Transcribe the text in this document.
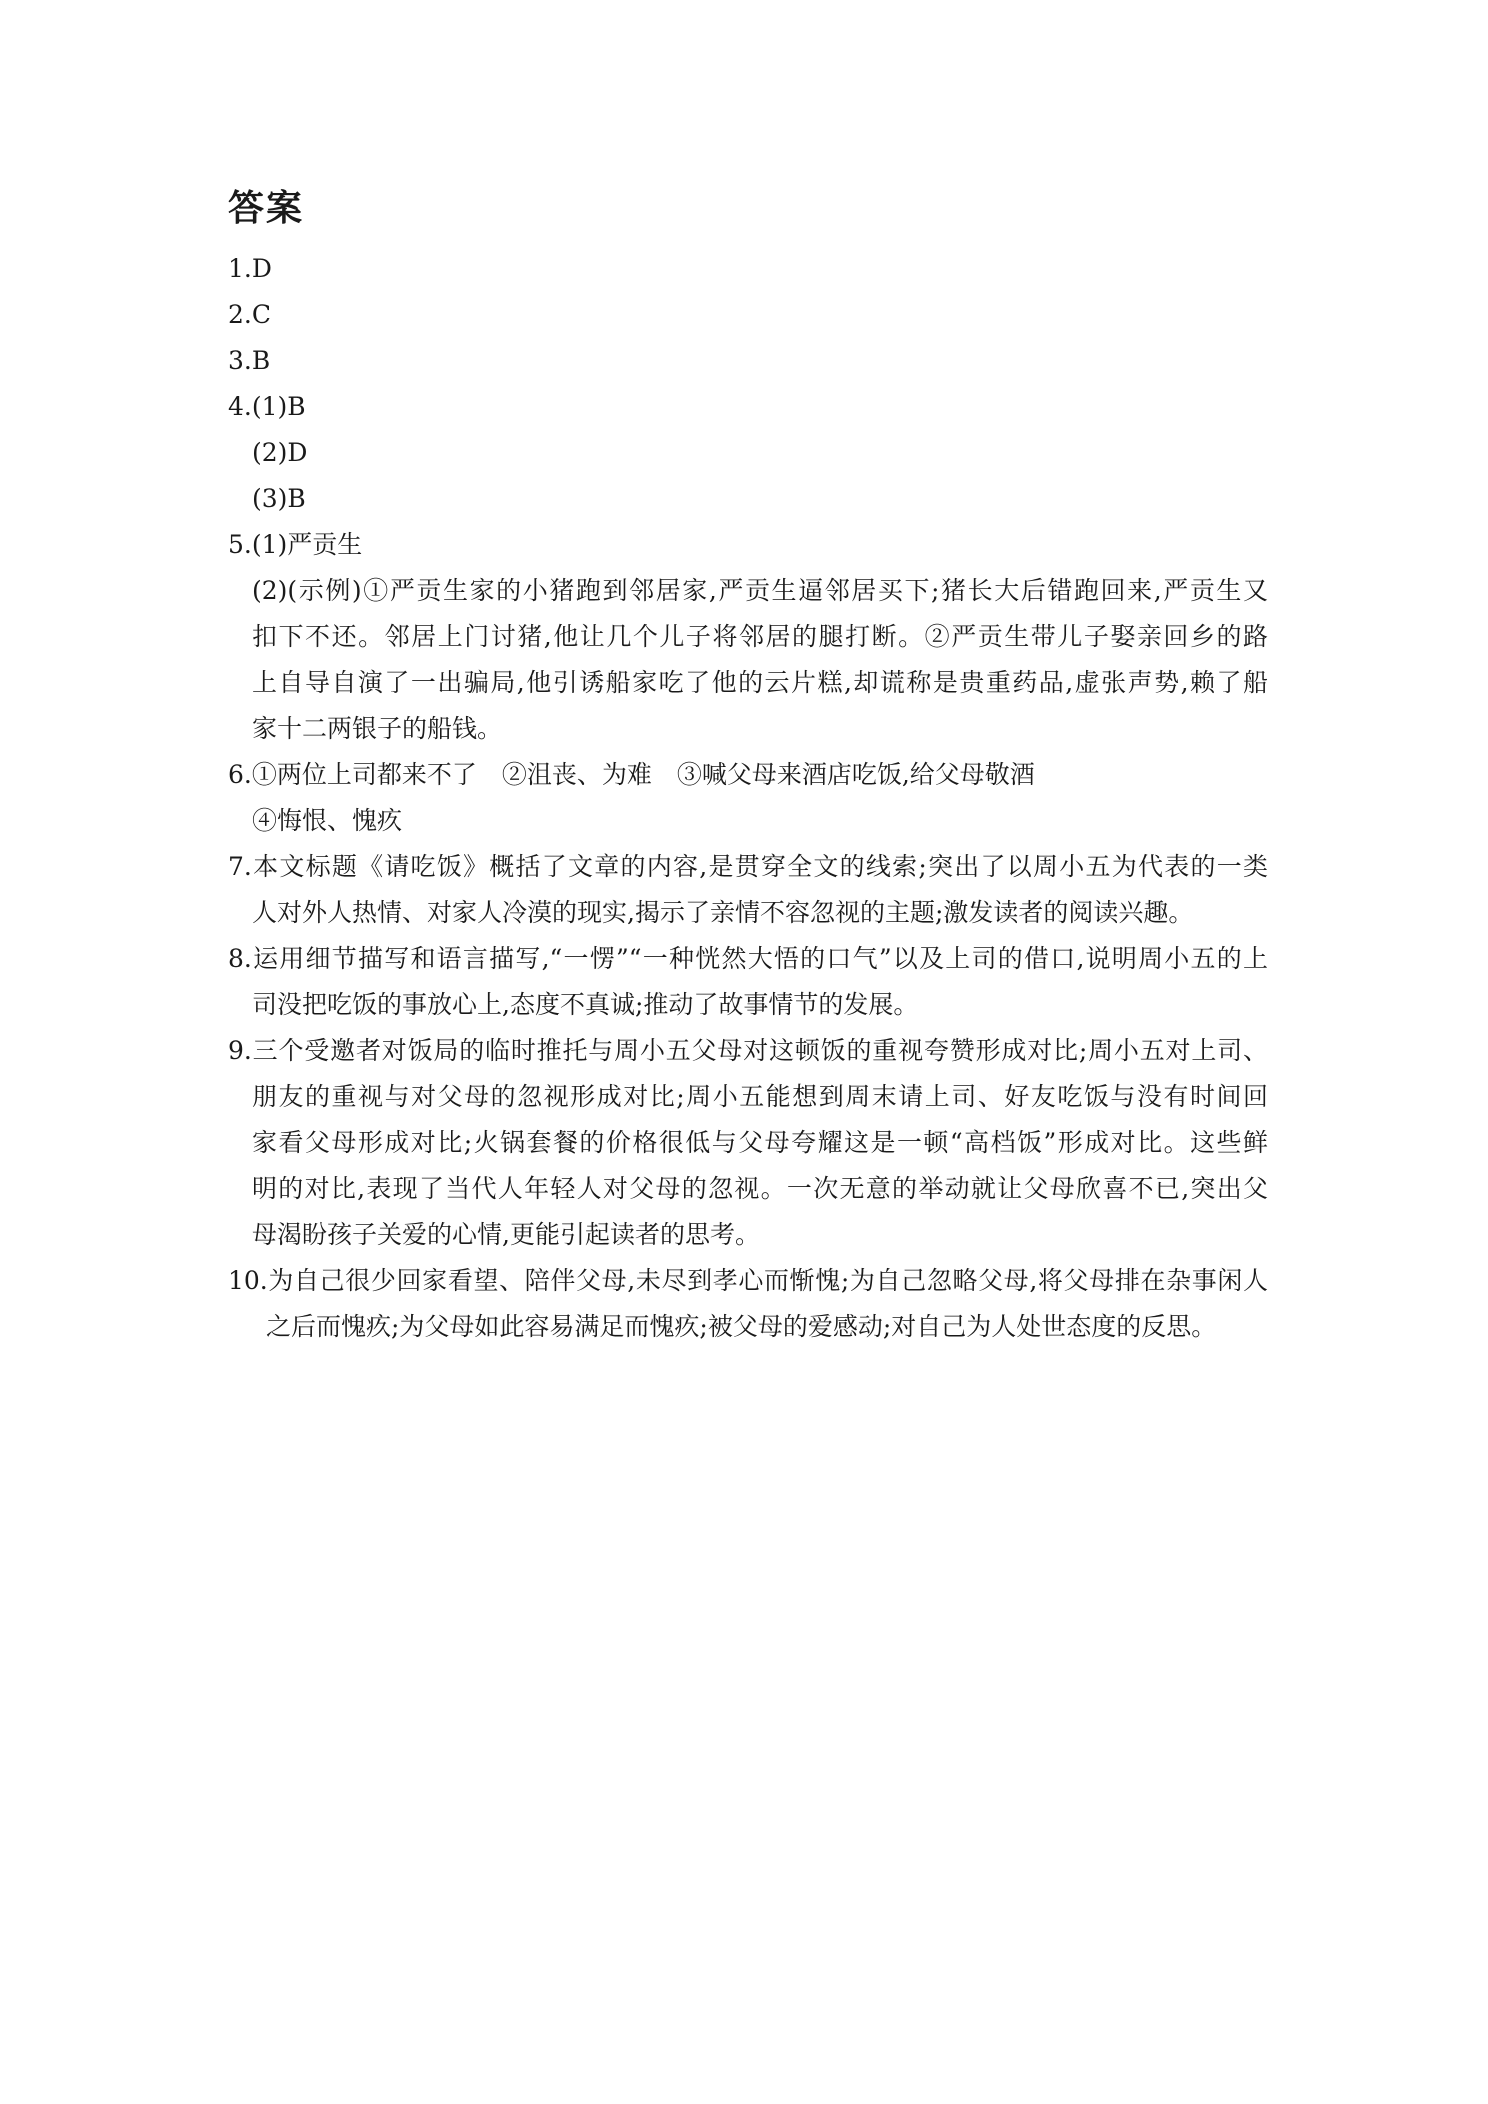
答案
1.D
2.C
3.B
4.(1)B
(2)D
(3)B
5.(1)严贡生
(2)(示例)①严贡生家的小猪跑到邻居家,严贡生逼邻居买下;猪长大后错跑回来,严贡生又
扣下不还。邻居上门讨猪,他让几个儿子将邻居的腿打断。②严贡生带儿子娶亲回乡的路
上自导自演了一出骗局,他引诱船家吃了他的云片糕,却谎称是贵重药品,虚张声势,赖了船
家十二两银子的船钱。
6.①两位上司都来不了　②沮丧、为难　③喊父母来酒店吃饭,给父母敬酒
④悔恨、愧疚
7.本文标题《请吃饭》概括了文章的内容,是贯穿全文的线索;突出了以周小五为代表的一类
人对外人热情、对家人冷漠的现实,揭示了亲情不容忽视的主题;激发读者的阅读兴趣。
8.运用细节描写和语言描写,“一愣”“一种恍然大悟的口气”以及上司的借口,说明周小五的上
司没把吃饭的事放心上,态度不真诚;推动了故事情节的发展。
9.三个受邀者对饭局的临时推托与周小五父母对这顿饭的重视夸赞形成对比;周小五对上司、
朋友的重视与对父母的忽视形成对比;周小五能想到周末请上司、好友吃饭与没有时间回
家看父母形成对比;火锅套餐的价格很低与父母夸耀这是一顿“高档饭”形成对比。这些鲜
明的对比,表现了当代人年轻人对父母的忽视。一次无意的举动就让父母欣喜不已,突出父
母渴盼孩子关爱的心情,更能引起读者的思考。
10.为自己很少回家看望、陪伴父母,未尽到孝心而惭愧;为自己忽略父母,将父母排在杂事闲人
之后而愧疚;为父母如此容易满足而愧疚;被父母的爱感动;对自己为人处世态度的反思。
